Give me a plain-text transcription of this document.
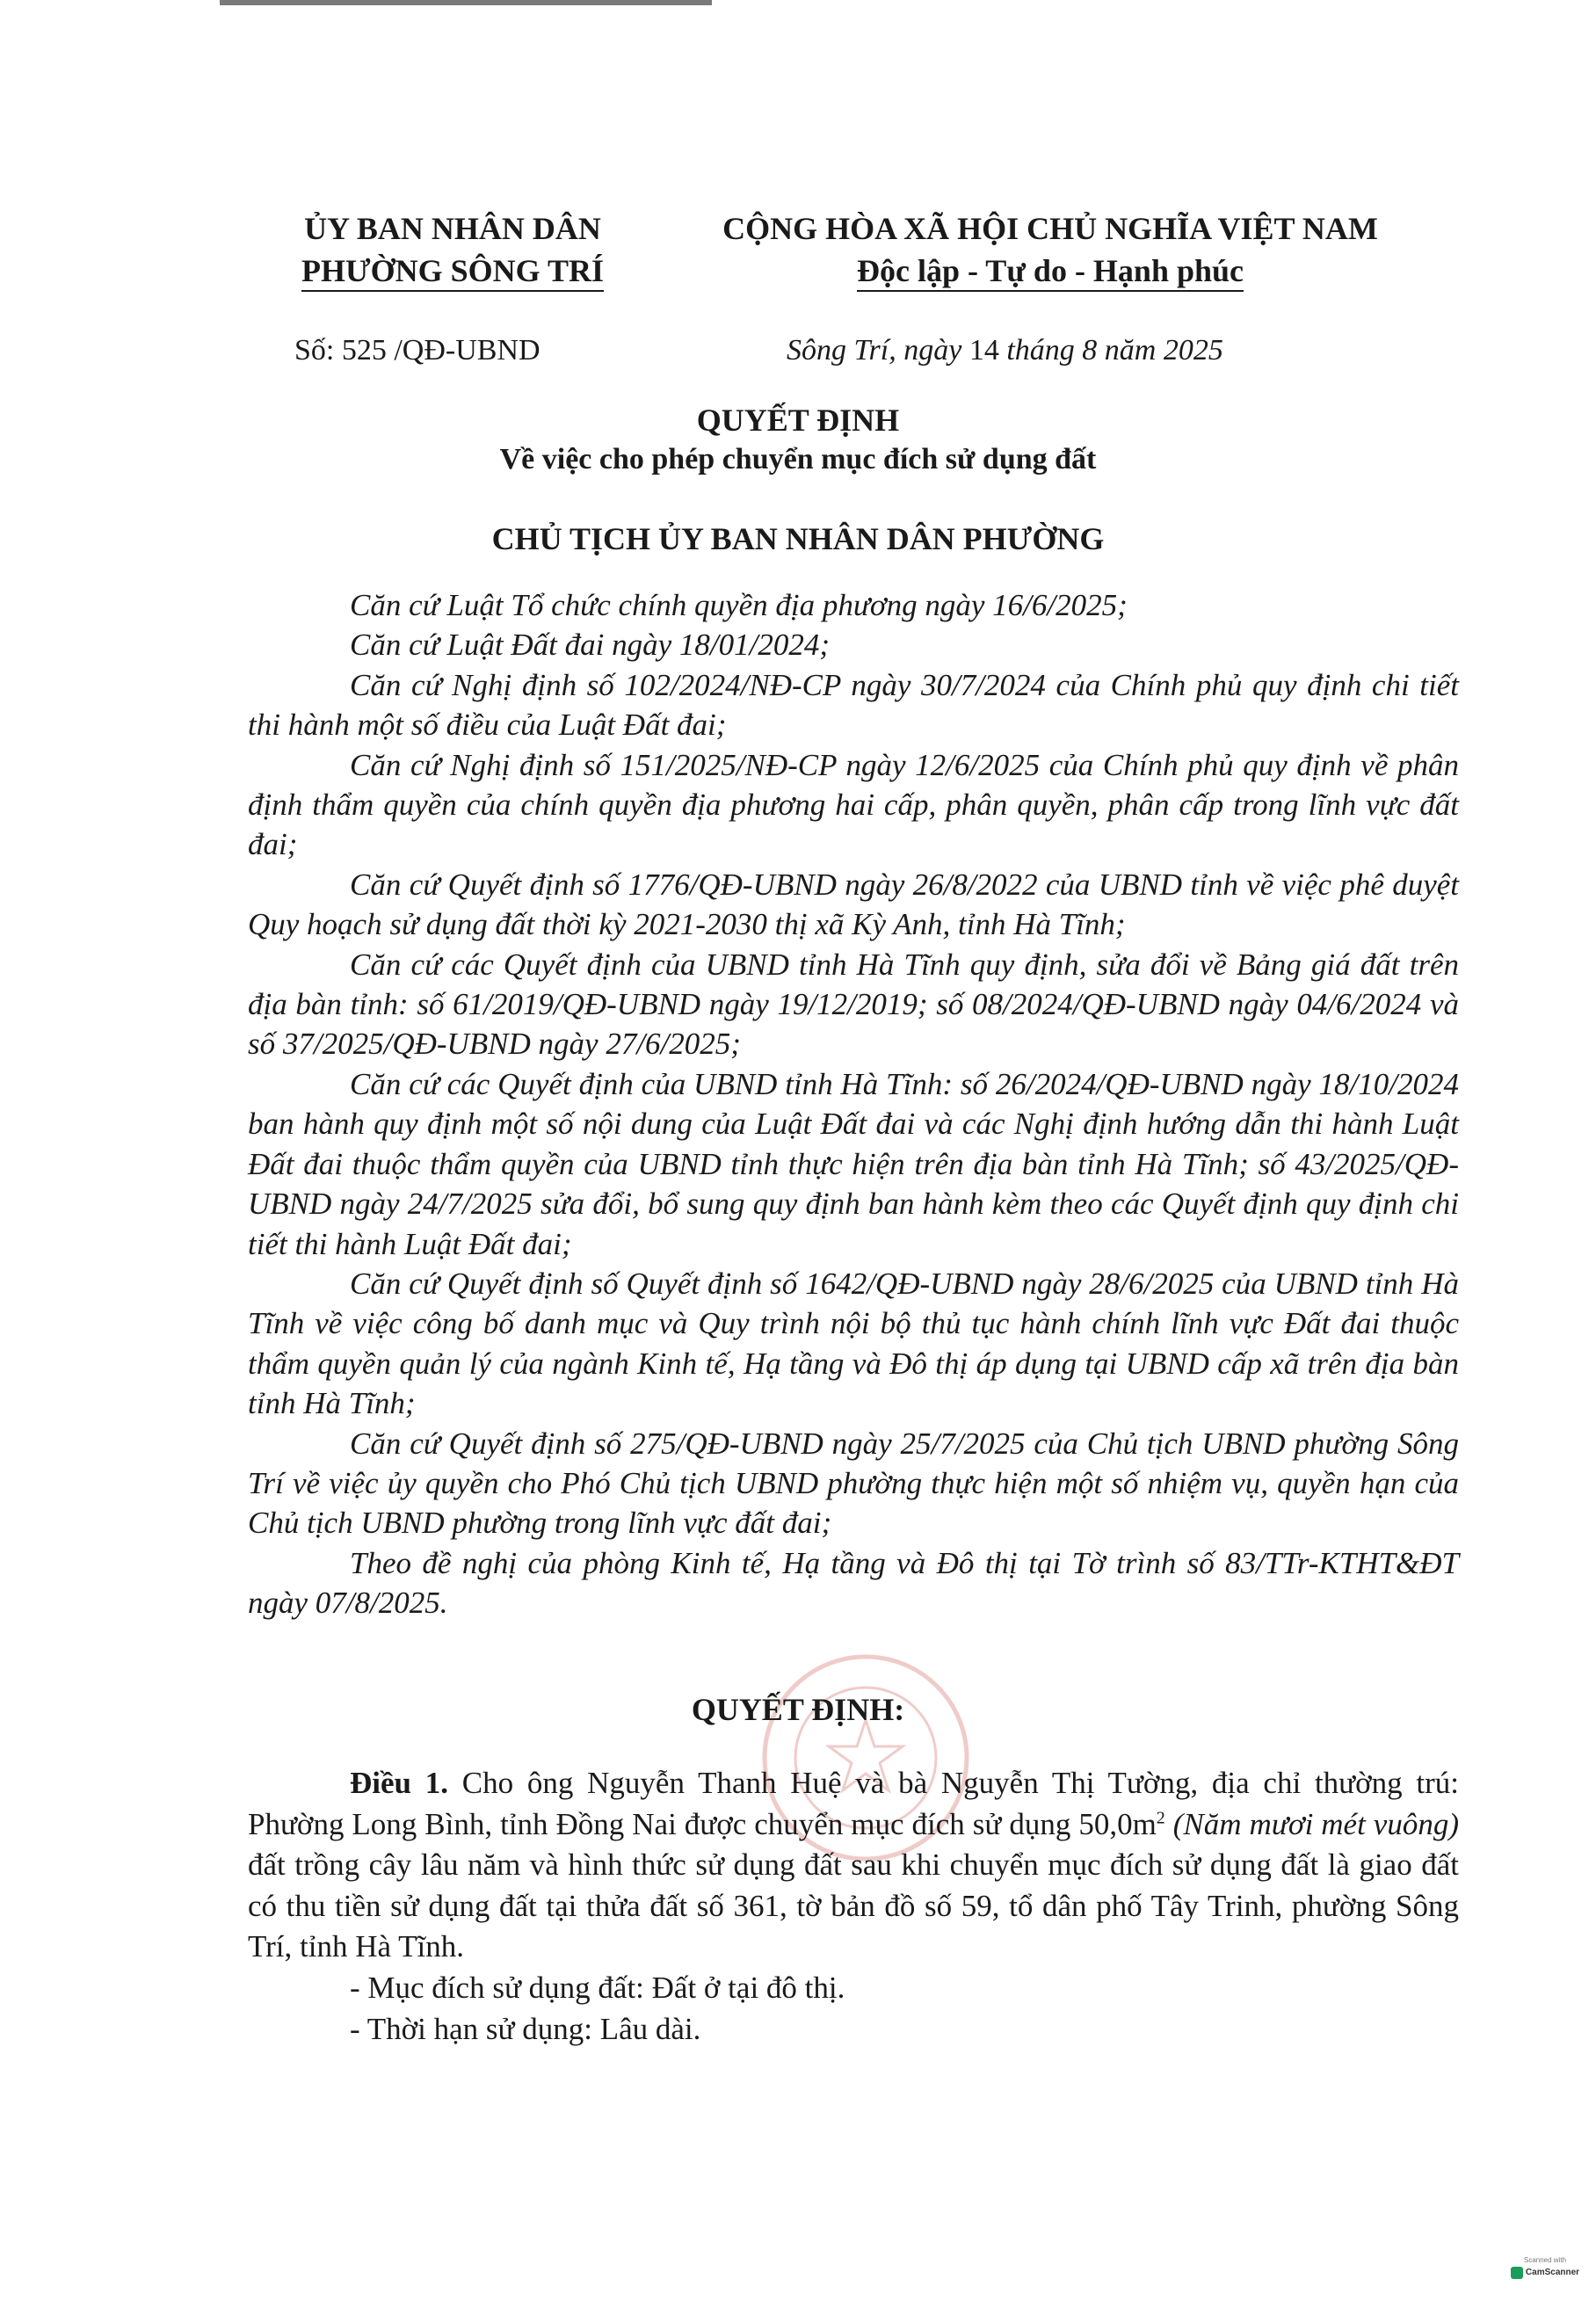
ỦY BAN NHÂN DÂN
PHƯỜNG SÔNG TRÍ
CỘNG HÒA XÃ HỘI CHỦ NGHĨA VIỆT NAM
Độc lập - Tự do - Hạnh phúc
Số: 525 /QĐ-UBND	Sông Trí, ngày 14 tháng 8 năm 2025
QUYẾT ĐỊNH
Về việc cho phép chuyển mục đích sử dụng đất
CHỦ TỊCH ỦY BAN NHÂN DÂN PHƯỜNG

Căn cứ Luật Tổ chức chính quyền địa phương ngày 16/6/2025;

Căn cứ Luật Đất đai ngày 18/01/2024;

Căn cứ Nghị định số 102/2024/NĐ-CP ngày 30/7/2024 của Chính phủ quy định chi tiết thi hành một số điều của Luật Đất đai;

Căn cứ Nghị định số 151/2025/NĐ-CP ngày 12/6/2025 của Chính phủ quy định về phân định thẩm quyền của chính quyền địa phương hai cấp, phân quyền, phân cấp trong lĩnh vực đất đai;

Căn cứ Quyết định số 1776/QĐ-UBND ngày 26/8/2022 của UBND tỉnh về việc phê duyệt Quy hoạch sử dụng đất thời kỳ 2021-2030 thị xã Kỳ Anh, tỉnh Hà Tĩnh;

Căn cứ các Quyết định của UBND tỉnh Hà Tĩnh quy định, sửa đổi về Bảng giá đất trên địa bàn tỉnh: số 61/2019/QĐ-UBND ngày 19/12/2019; số 08/2024/QĐ-UBND ngày 04/6/2024 và số 37/2025/QĐ-UBND ngày 27/6/2025;

Căn cứ các Quyết định của UBND tỉnh Hà Tĩnh: số 26/2024/QĐ-UBND ngày 18/10/2024 ban hành quy định một số nội dung của Luật Đất đai và các Nghị định hướng dẫn thi hành Luật Đất đai thuộc thẩm quyền của UBND tỉnh thực hiện trên địa bàn tỉnh Hà Tĩnh; số 43/2025/QĐ-UBND ngày 24/7/2025 sửa đổi, bổ sung quy định ban hành kèm theo các Quyết định quy định chi tiết thi hành Luật Đất đai;

Căn cứ Quyết định số Quyết định số 1642/QĐ-UBND ngày 28/6/2025 của UBND tỉnh Hà Tĩnh về việc công bố danh mục và Quy trình nội bộ thủ tục hành chính lĩnh vực Đất đai thuộc thẩm quyền quản lý của ngành Kinh tế, Hạ tầng và Đô thị áp dụng tại UBND cấp xã trên địa bàn tỉnh Hà Tĩnh;

Căn cứ Quyết định số 275/QĐ-UBND ngày 25/7/2025 của Chủ tịch UBND phường Sông Trí về việc ủy quyền cho Phó Chủ tịch UBND phường thực hiện một số nhiệm vụ, quyền hạn của Chủ tịch UBND phường trong lĩnh vực đất đai;

Theo đề nghị của phòng Kinh tế, Hạ tầng và Đô thị tại Tờ trình số 83/TTr-KTHT&ĐT ngày 07/8/2025.

QUYẾT ĐỊNH:

Điều 1. Cho ông Nguyễn Thanh Huệ và bà Nguyễn Thị Tường, địa chỉ thường trú: Phường Long Bình, tỉnh Đồng Nai được chuyển mục đích sử dụng $50,0m^2$ (Năm mươi mét vuông) đất trồng cây lâu năm và hình thức sử dụng đất sau khi chuyển mục đích sử dụng đất là giao đất có thu tiền sử dụng đất tại thửa đất số 361, tờ bản đồ số 59, tổ dân phố Tây Trinh, phường Sông Trí, tỉnh Hà Tĩnh.

- Mục đích sử dụng đất: Đất ở tại đô thị.

- Thời hạn sử dụng: Lâu dài.

Scanned with
CamScanner
